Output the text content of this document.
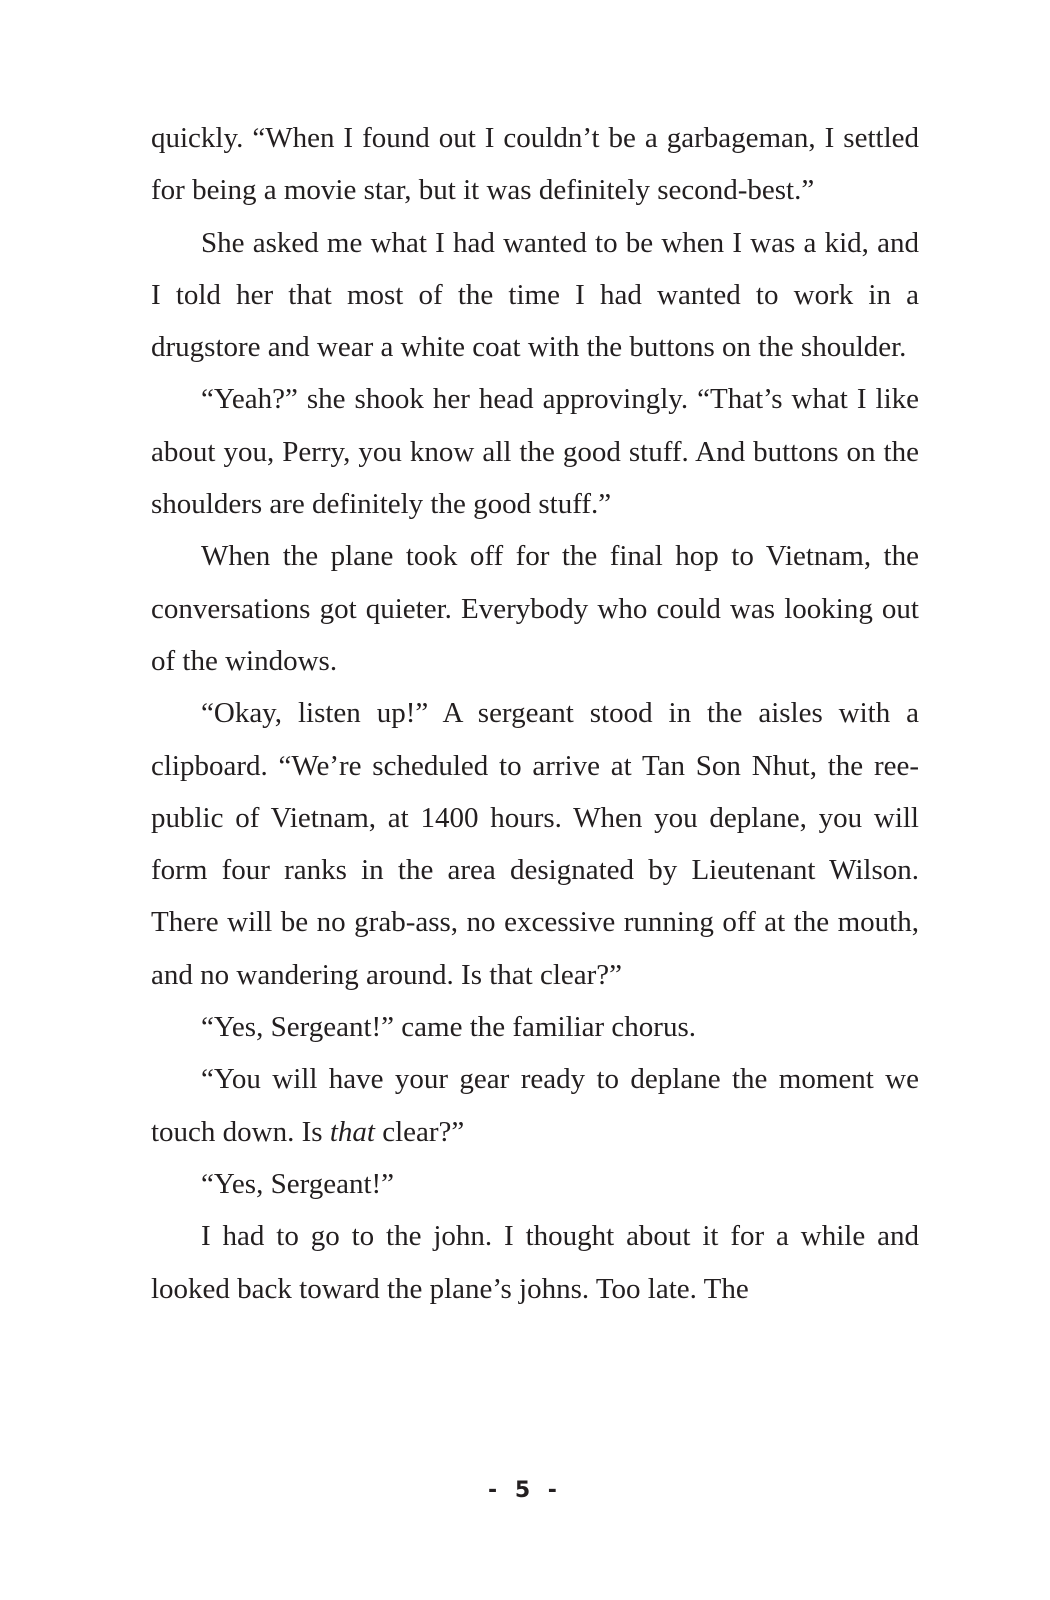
quickly. “When I found out I couldn’t be a garbageman, I settled for being a movie star, but it was definitely second-best.”

She asked me what I had wanted to be when I was a kid, and I told her that most of the time I had wanted to work in a drugstore and wear a white coat with the buttons on the shoulder.

“Yeah?” she shook her head approvingly. “That’s what I like about you, Perry, you know all the good stuff. And buttons on the shoulders are definitely the good stuff.”

When the plane took off for the final hop to Vietnam, the conversations got quieter. Everybody who could was looking out of the windows.

“Okay, listen up!” A sergeant stood in the aisles with a clipboard. “We’re scheduled to arrive at Tan Son Nhut, the ree-public of Vietnam, at 1400 hours. When you deplane, you will form four ranks in the area designated by Lieutenant Wilson. There will be no grab-ass, no excessive running off at the mouth, and no wandering around. Is that clear?”

“Yes, Sergeant!” came the familiar chorus.

“You will have your gear ready to deplane the moment we touch down. Is that clear?”

“Yes, Sergeant!”

I had to go to the john. I thought about it for a while and looked back toward the plane’s johns. Too late. The

- 5 -
